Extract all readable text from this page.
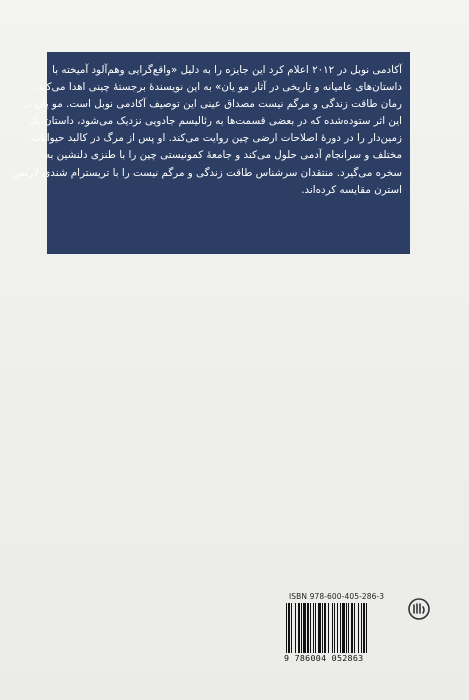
آکادمی نوبل در ۲۰۱۲ اعلام کرد این جایزه را به دلیل «واقع‌گرایی وهم‌آلود آمیخته با
داستان‌های عامیانه و تاریخی در آثار مو یان» به این نویسندۀ برجستۀ چینی اهدا می‌کند.
رمان طاقت زندگی و مرگم نیست مصداق عینی این توصیف آکادمی نوبل است. مو یان در
این اثر ستوده‌شده که در بعضی قسمت‌ها به رئالیسم جادویی نزدیک می‌شود، داستان یک
زمین‌دار را در دورۀ اصلاحات ارضی چین روایت می‌کند. او پس از مرگ در کالبد حیوانات
مختلف و سرانجام آدمی حلول می‌کند و جامعۀ کمونیستی چین را با طنزی دلنشین به
سخره می‌گیرد. منتقدان سرشناس طاقت زندگی و مرگم نیست را با تریسترام شندی لارنس
استرن مقایسه کرده‌اند.

ISBN 978-600-405-286-3
9 786004 052863
